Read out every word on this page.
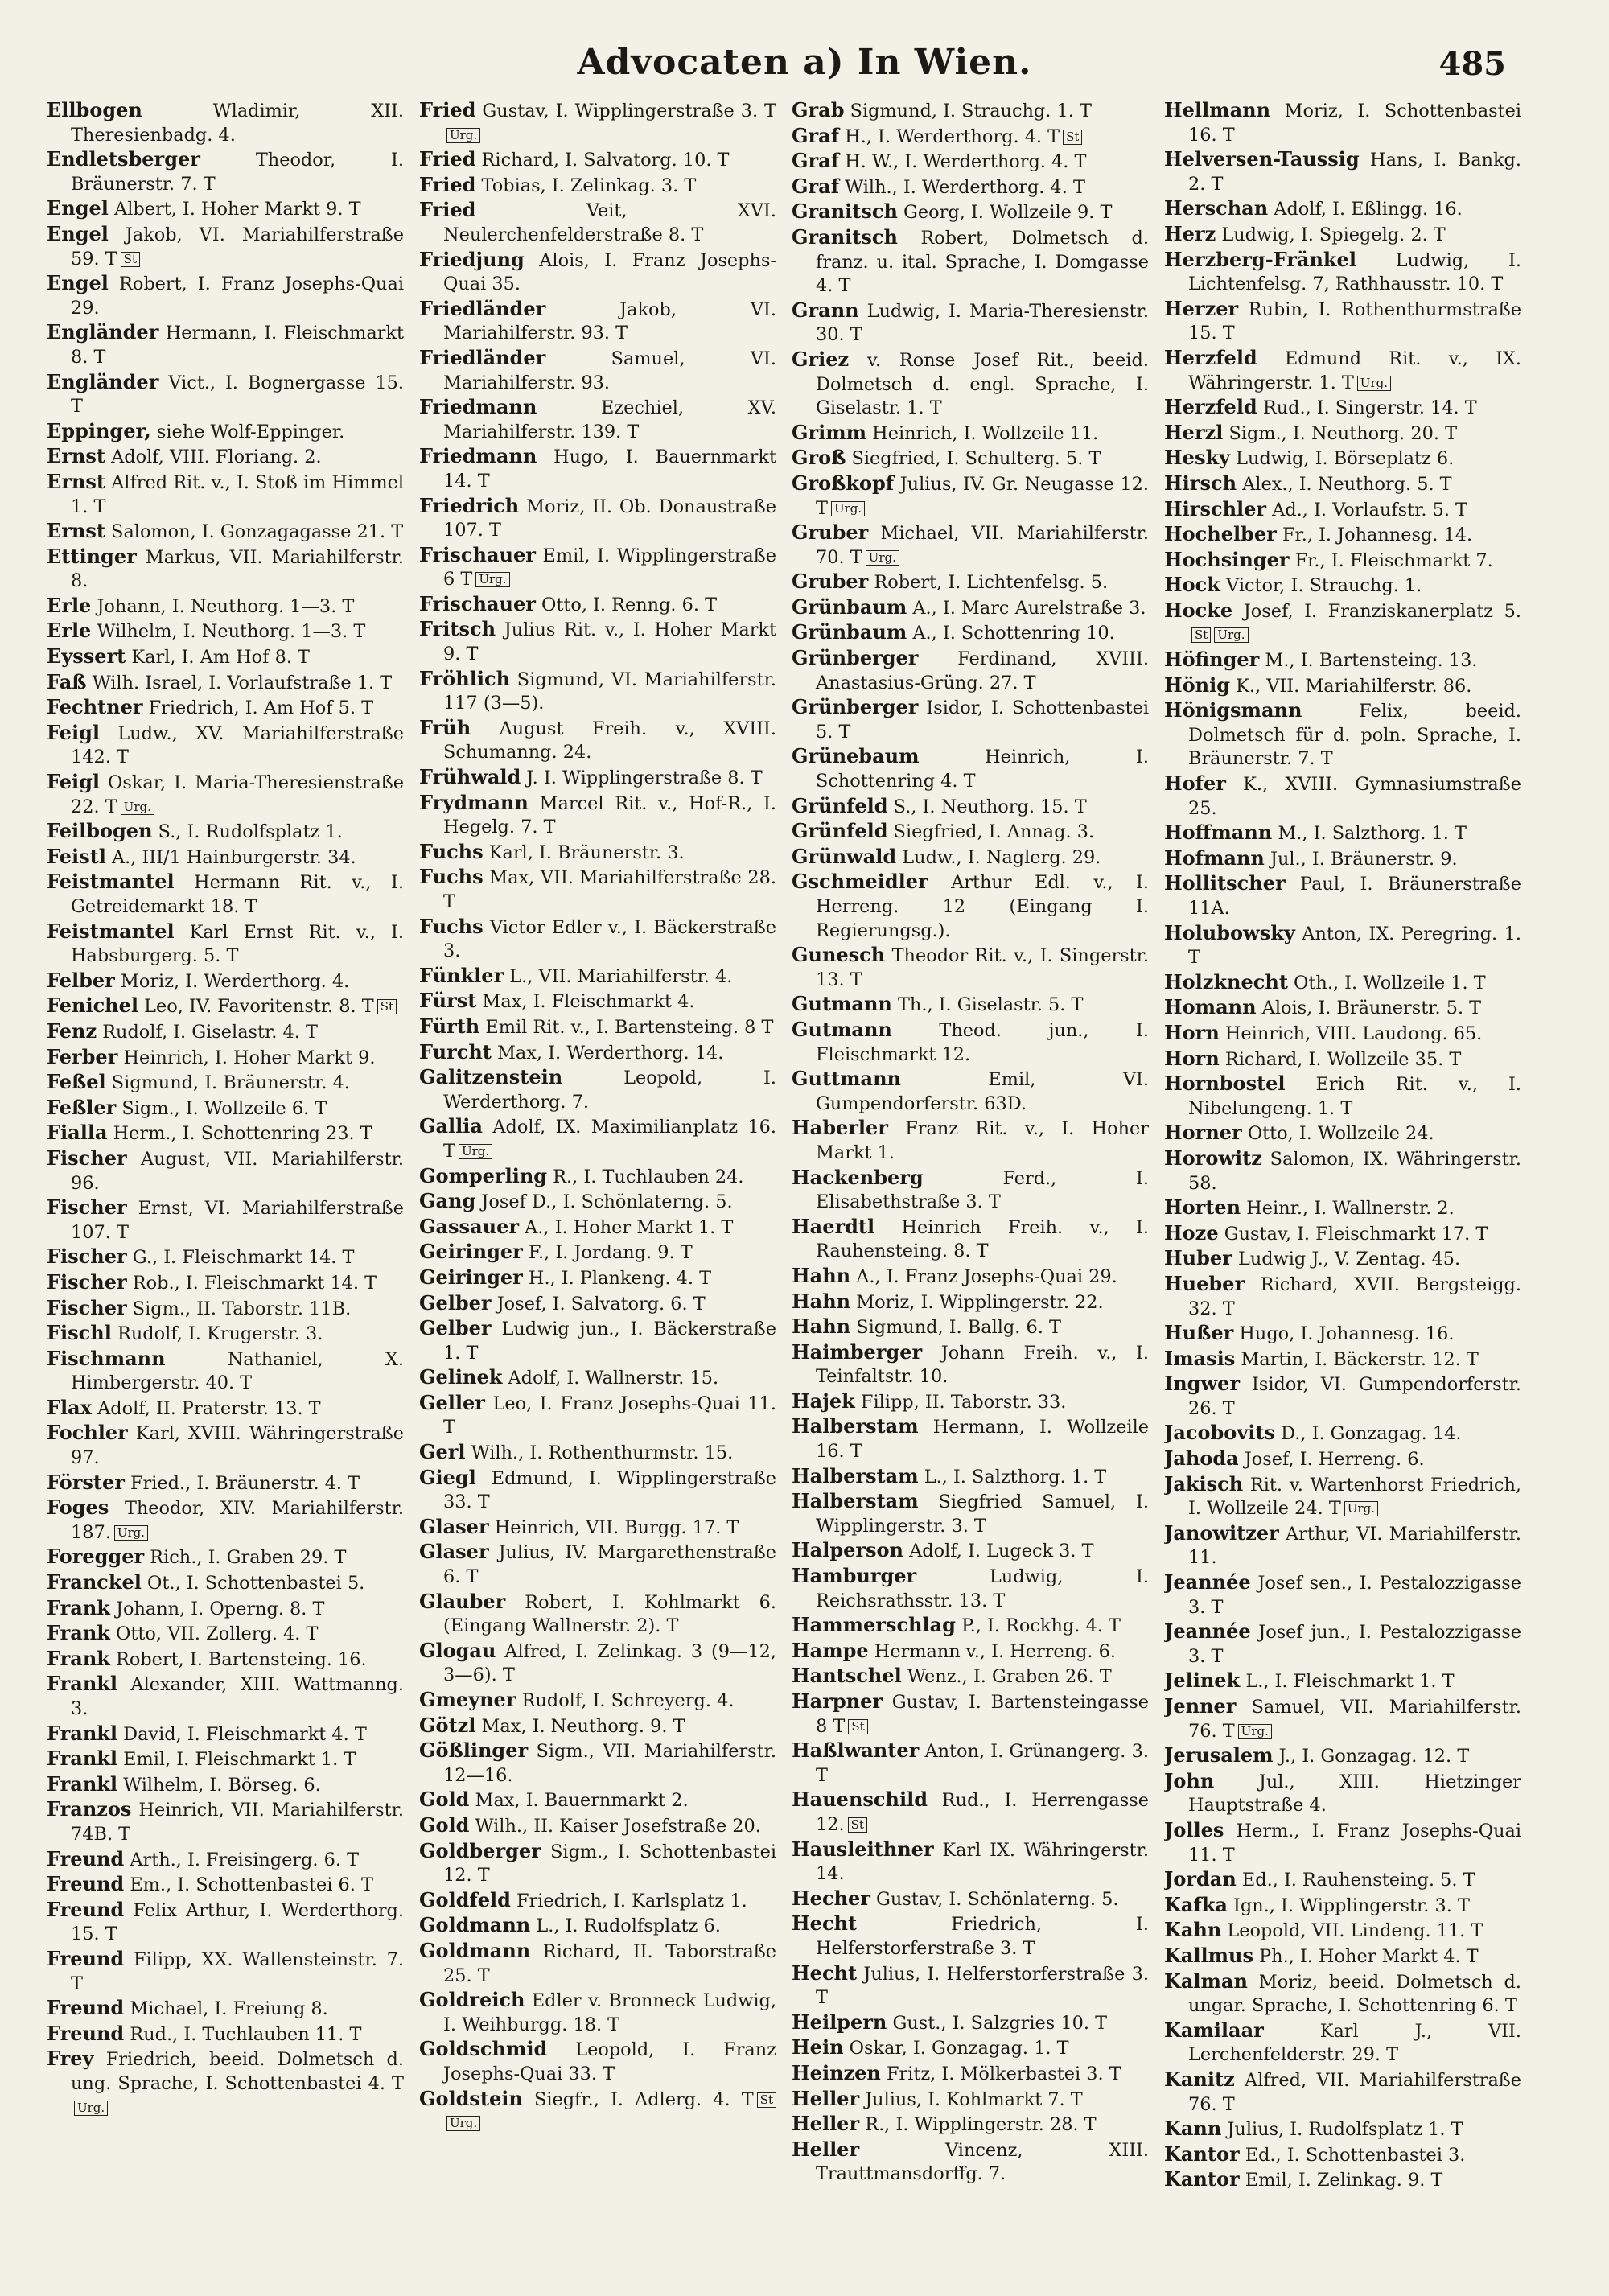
Advocaten a) In Wien.	485
Ellbogen Wladimir, XII. Theresienbadg. 4.
Endletsberger Theodor, I. Bräunerstr. 7. T
Engel Albert, I. Hoher Markt 9. T
Engel Jakob, VI. Mariahilferstraße 59. T St
Engel Robert, I. Franz Josephs-Quai 29.
Engländer Hermann, I. Fleischmarkt 8. T
Engländer Vict., I. Bognergasse 15. T
Eppinger, siehe Wolf-Eppinger.
Ernst Adolf, VIII. Floriang. 2.
Ernst Alfred Rit. v., I. Stoß im Himmel 1. T
Ernst Salomon, I. Gonzagagasse 21. T
Ettinger Markus, VII. Mariahilferstr. 8.
Erle Johann, I. Neuthorg. 1—3. T
Erle Wilhelm, I. Neuthorg. 1—3. T
Eyssert Karl, I. Am Hof 8. T
Faß Wilh. Israel, I. Vorlaufstraße 1. T
Fechtner Friedrich, I. Am Hof 5. T
Feigl Ludw., XV. Mariahilferstraße 142. T
Feigl Oskar, I. Maria-Theresienstraße 22. T Urg.
Feilbogen S., I. Rudolfsplatz 1.
Feistl A., III/1 Hainburgerstr. 34.
Feistmantel Hermann Rit. v., I. Getreidemarkt 18. T
Feistmantel Karl Ernst Rit. v., I. Habsburgerg. 5. T
Felber Moriz, I. Werderthorg. 4.
Fenichel Leo, IV. Favoritenstr. 8. T St
Fenz Rudolf, I. Giselastr. 4. T
Ferber Heinrich, I. Hoher Markt 9.
Feßel Sigmund, I. Bräunerstr. 4.
Feßler Sigm., I. Wollzeile 6. T
Fialla Herm., I. Schottenring 23. T
Fischer August, VII. Mariahilferstr. 96.
Fischer Ernst, VI. Mariahilferstraße 107. T
Fischer G., I. Fleischmarkt 14. T
Fischer Rob., I. Fleischmarkt 14. T
Fischer Sigm., II. Taborstr. 11B.
Fischl Rudolf, I. Krugerstr. 3.
Fischmann Nathaniel, X. Himbergerstr. 40. T
Flax Adolf, II. Praterstr. 13. T
Fochler Karl, XVIII. Währingerstraße 97.
Förster Fried., I. Bräunerstr. 4. T
Foges Theodor, XIV. Mariahilferstr. 187. Urg.
Foregger Rich., I. Graben 29. T
Franckel Ot., I. Schottenbastei 5.
Frank Johann, I. Operng. 8. T
Frank Otto, VII. Zollerg. 4. T
Frank Robert, I. Bartensteing. 16.
Frankl Alexander, XIII. Wattmanng. 3.
Frankl David, I. Fleischmarkt 4. T
Frankl Emil, I. Fleischmarkt 1. T
Frankl Wilhelm, I. Börseg. 6.
Franzos Heinrich, VII. Mariahilferstr. 74B. T
Freund Arth., I. Freisingerg. 6. T
Freund Em., I. Schottenbastei 6. T
Freund Felix Arthur, I. Werderthorg. 15. T
Freund Filipp, XX. Wallensteinstr. 7. T
Freund Michael, I. Freiung 8.
Freund Rud., I. Tuchlauben 11. T
Frey Friedrich, beeid. Dolmetsch d. ung. Sprache, I. Schottenbastei 4. TUrg.
Fried Gustav, I. Wipplingerstraße 3. TUrg.
Fried Richard, I. Salvatorg. 10. T
Fried Tobias, I. Zelinkag. 3. T
Fried Veit, XVI. Neulerchenfelderstraße 8. T
Friedjung Alois, I. Franz Josephs-Quai 35.
Friedländer Jakob, VI. Mariahilferstr. 93. T
Friedländer Samuel, VI. Mariahilferstr. 93.
Friedmann Ezechiel, XV. Mariahilferstr. 139. T
Friedmann Hugo, I. Bauernmarkt 14. T
Friedrich Moriz, II. Ob. Donaustraße 107. T
Frischauer Emil, I. Wipplingerstraße 6 T Urg.
Frischauer Otto, I. Renng. 6. T
Fritsch Julius Rit. v., I. Hoher Markt 9. T
Fröhlich Sigmund, VI. Mariahilferstr. 117 (3—5).
Früh August Freih. v., XVIII. Schumanng. 24.
Frühwald J. I. Wipplingerstraße 8. T
Frydmann Marcel Rit. v., Hof-R., I. Hegelg. 7. T
Fuchs Karl, I. Bräunerstr. 3.
Fuchs Max, VII. Mariahilferstraße 28. T
Fuchs Victor Edler v., I. Bäckerstraße 3.
Fünkler L., VII. Mariahilferstr. 4.
Fürst Max, I. Fleischmarkt 4.
Fürth Emil Rit. v., I. Bartensteing. 8 T
Furcht Max, I. Werderthorg. 14.
Galitzenstein Leopold, I. Werderthorg. 7.
Gallia Adolf, IX. Maximilianplatz 16. T Urg.
Gomperling R., I. Tuchlauben 24.
Gang Josef D., I. Schönlaterng. 5.
Gassauer A., I. Hoher Markt 1. T
Geiringer F., I. Jordang. 9. T
Geiringer H., I. Plankeng. 4. T
Gelber Josef, I. Salvatorg. 6. T
Gelber Ludwig jun., I. Bäckerstraße 1. T
Gelinek Adolf, I. Wallnerstr. 15.
Geller Leo, I. Franz Josephs-Quai 11. T
Gerl Wilh., I. Rothenthurmstr. 15.
Giegl Edmund, I. Wipplingerstraße 33. T
Glaser Heinrich, VII. Burgg. 17. T
Glaser Julius, IV. Margarethenstraße 6. T
Glauber Robert, I. Kohlmarkt 6. (Eingang Wallnerstr. 2). T
Glogau Alfred, I. Zelinkag. 3 (9—12, 3—6). T
Gmeyner Rudolf, I. Schreyerg. 4.
Götzl Max, I. Neuthorg. 9. T
Gößlinger Sigm., VII. Mariahilferstr. 12—16.
Gold Max, I. Bauernmarkt 2.
Gold Wilh., II. Kaiser Josefstraße 20.
Goldberger Sigm., I. Schottenbastei 12. T
Goldfeld Friedrich, I. Karlsplatz 1.
Goldmann L., I. Rudolfsplatz 6.
Goldmann Richard, II. Taborstraße 25. T
Goldreich Edler v. Bronneck Ludwig, I. Weihburgg. 18. T
Goldschmid Leopold, I. Franz Josephs-Quai 33. T
Goldstein Siegfr., I. Adlerg. 4. T StUrg.
Grab Sigmund, I. Strauchg. 1. T
Graf H., I. Werderthorg. 4. T St
Graf H. W., I. Werderthorg. 4. T
Graf Wilh., I. Werderthorg. 4. T
Granitsch Georg, I. Wollzeile 9. T
Granitsch Robert, Dolmetsch d. franz. u. ital. Sprache, I. Domgasse 4. T
Grann Ludwig, I. Maria-Theresienstr. 30. T
Griez v. Ronse Josef Rit., beeid. Dolmetsch d. engl. Sprache, I. Giselastr. 1. T
Grimm Heinrich, I. Wollzeile 11.
Groß Siegfried, I. Schulterg. 5. T
Großkopf Julius, IV. Gr. Neugasse 12. T Urg.
Gruber Michael, VII. Mariahilferstr. 70. T Urg.
Gruber Robert, I. Lichtenfelsg. 5.
Grünbaum A., I. Marc Aurelstraße 3.
Grünbaum A., I. Schottenring 10.
Grünberger Ferdinand, XVIII. Anastasius-Grüng. 27. T
Grünberger Isidor, I. Schottenbastei 5. T
Grünebaum Heinrich, I. Schottenring 4. T
Grünfeld S., I. Neuthorg. 15. T
Grünfeld Siegfried, I. Annag. 3.
Grünwald Ludw., I. Naglerg. 29.
Gschmeidler Arthur Edl. v., I. Herreng. 12 (Eingang I. Regierungsg.).
Gunesch Theodor Rit. v., I. Singerstr. 13. T
Gutmann Th., I. Giselastr. 5. T
Gutmann Theod. jun., I. Fleischmarkt 12.
Guttmann Emil, VI. Gumpendorferstr. 63D.
Haberler Franz Rit. v., I. Hoher Markt 1.
Hackenberg Ferd., I. Elisabethstraße 3. T
Haerdtl Heinrich Freih. v., I. Rauhensteing. 8. T
Hahn A., I. Franz Josephs-Quai 29.
Hahn Moriz, I. Wipplingerstr. 22.
Hahn Sigmund, I. Ballg. 6. T
Haimberger Johann Freih. v., I. Teinfaltstr. 10.
Hajek Filipp, II. Taborstr. 33.
Halberstam Hermann, I. Wollzeile 16. T
Halberstam L., I. Salzthorg. 1. T
Halberstam Siegfried Samuel, I. Wipplingerstr. 3. T
Halperson Adolf, I. Lugeck 3. T
Hamburger Ludwig, I. Reichsrathsstr. 13. T
Hammerschlag P., I. Rockhg. 4. T
Hampe Hermann v., I. Herreng. 6.
Hantschel Wenz., I. Graben 26. T
Harpner Gustav, I. Bartensteingasse 8 T St
Haßlwanter Anton, I. Grünangerg. 3. T
Hauenschild Rud., I. Herrengasse 12. St
Hausleithner Karl IX. Währingerstr. 14.
Hecher Gustav, I. Schönlaterng. 5.
Hecht Friedrich, I. Helferstorferstraße 3. T
Hecht Julius, I. Helferstorferstraße 3. T
Heilpern Gust., I. Salzgries 10. T
Hein Oskar, I. Gonzagag. 1. T
Heinzen Fritz, I. Mölkerbastei 3. T
Heller Julius, I. Kohlmarkt 7. T
Heller R., I. Wipplingerstr. 28. T
Heller Vincenz, XIII. Trauttmansdorffg. 7.
Hellmann Moriz, I. Schottenbastei 16. T
Helversen-Taussig Hans, I. Bankg. 2. T
Herschan Adolf, I. Eßlingg. 16.
Herz Ludwig, I. Spiegelg. 2. T
Herzberg-Fränkel Ludwig, I. Lichtenfelsg. 7, Rathhausstr. 10. T
Herzer Rubin, I. Rothenthurmstraße 15. T
Herzfeld Edmund Rit. v., IX. Währingerstr. 1. T Urg.
Herzfeld Rud., I. Singerstr. 14. T
Herzl Sigm., I. Neuthorg. 20. T
Hesky Ludwig, I. Börseplatz 6.
Hirsch Alex., I. Neuthorg. 5. T
Hirschler Ad., I. Vorlaufstr. 5. T
Hochelber Fr., I. Johannesg. 14.
Hochsinger Fr., I. Fleischmarkt 7.
Hock Victor, I. Strauchg. 1.
Hocke Josef, I. Franziskanerplatz 5.St Urg.
Höfinger M., I. Bartensteing. 13.
Hönig K., VII. Mariahilferstr. 86.
Hönigsmann Felix, beeid. Dolmetsch für d. poln. Sprache, I. Bräunerstr. 7. T
Hofer K., XVIII. Gymnasiumstraße 25.
Hoffmann M., I. Salzthorg. 1. T
Hofmann Jul., I. Bräunerstr. 9.
Hollitscher Paul, I. Bräunerstraße 11A.
Holubowsky Anton, IX. Peregring. 1. T
Holzknecht Oth., I. Wollzeile 1. T
Homann Alois, I. Bräunerstr. 5. T
Horn Heinrich, VIII. Laudong. 65.
Horn Richard, I. Wollzeile 35. T
Hornbostel Erich Rit. v., I. Nibelungeng. 1. T
Horner Otto, I. Wollzeile 24.
Horowitz Salomon, IX. Währingerstr. 58.
Horten Heinr., I. Wallnerstr. 2.
Hoze Gustav, I. Fleischmarkt 17. T
Huber Ludwig J., V. Zentag. 45.
Hueber Richard, XVII. Bergsteigg. 32. T
Hußer Hugo, I. Johannesg. 16.
Imasis Martin, I. Bäckerstr. 12. T
Ingwer Isidor, VI. Gumpendorferstr. 26. T
Jacobovits D., I. Gonzagag. 14.
Jahoda Josef, I. Herreng. 6.
Jakisch Rit. v. Wartenhorst Friedrich, I. Wollzeile 24. T Urg.
Janowitzer Arthur, VI. Mariahilferstr. 11.
Jeannée Josef sen., I. Pestalozzigasse 3. T
Jeannée Josef jun., I. Pestalozzigasse 3. T
Jelinek L., I. Fleischmarkt 1. T
Jenner Samuel, VII. Mariahilferstr. 76. T Urg.
Jerusalem J., I. Gonzagag. 12. T
John Jul., XIII. Hietzinger Hauptstraße 4.
Jolles Herm., I. Franz Josephs-Quai 11. T
Jordan Ed., I. Rauhensteing. 5. T
Kafka Ign., I. Wipplingerstr. 3. T
Kahn Leopold, VII. Lindeng. 11. T
Kallmus Ph., I. Hoher Markt 4. T
Kalman Moriz, beeid. Dolmetsch d. ungar. Sprache, I. Schottenring 6. T
Kamilaar Karl J., VII. Lerchenfelderstr. 29. T
Kanitz Alfred, VII. Mariahilferstraße 76. T
Kann Julius, I. Rudolfsplatz 1. T
Kantor Ed., I. Schottenbastei 3.
Kantor Emil, I. Zelinkag. 9. T
